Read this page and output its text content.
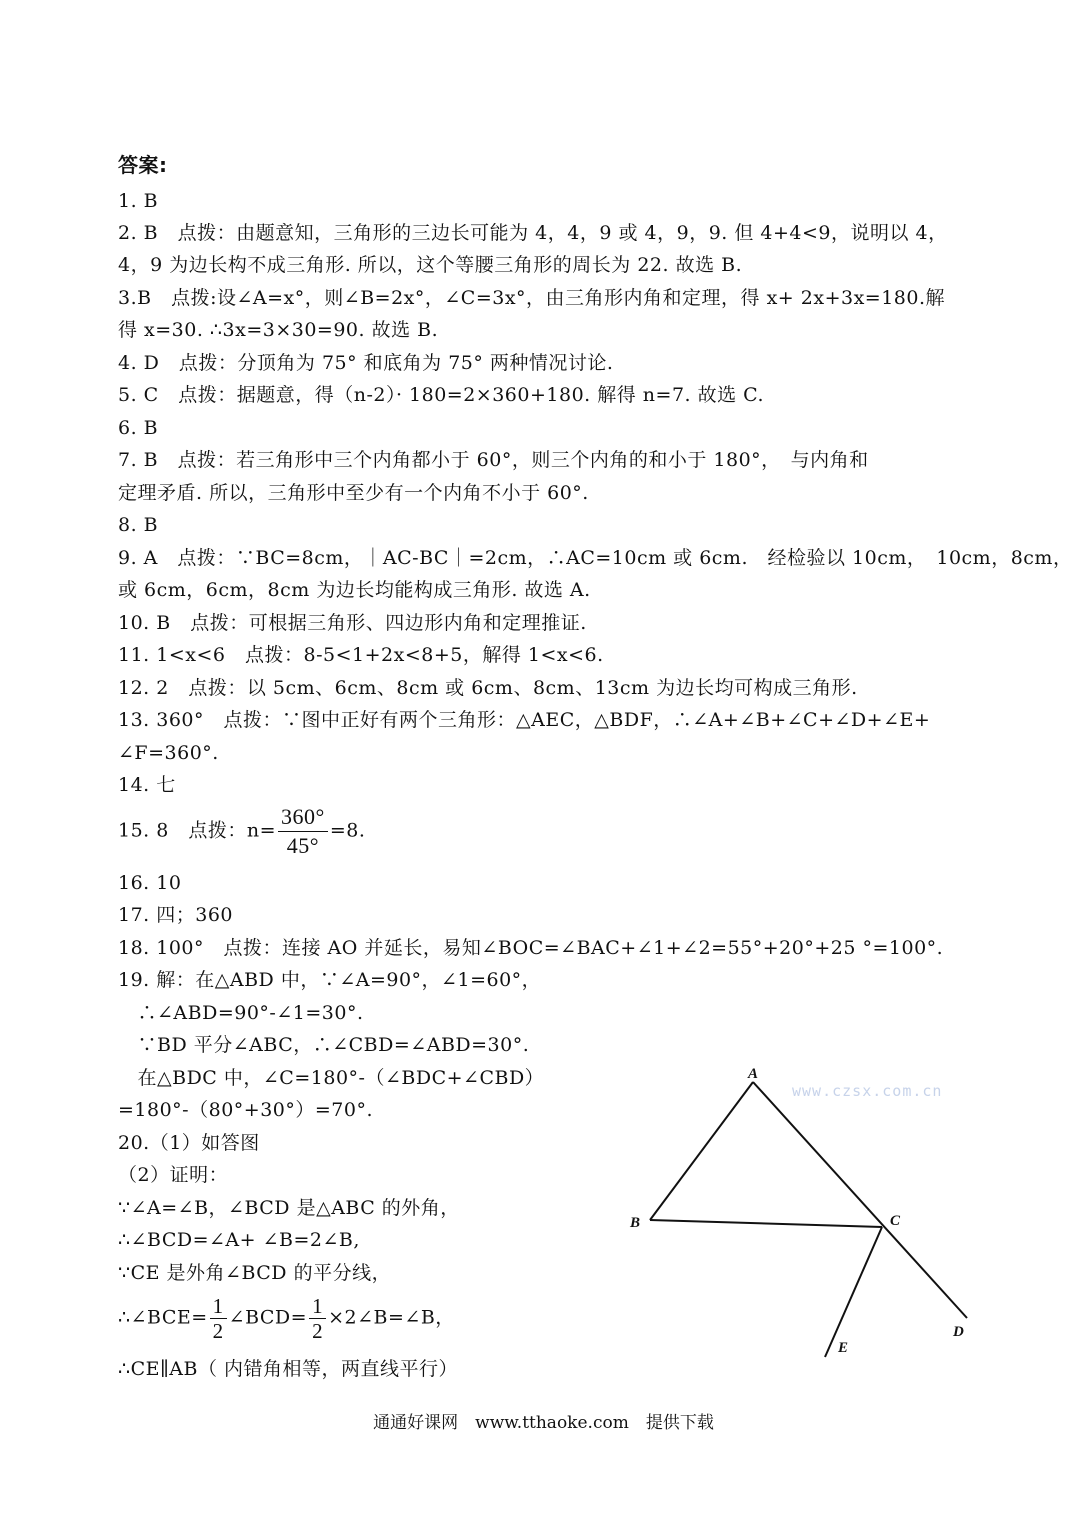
答案:
1. B
2. B　点拨：由题意知，三角形的三边长可能为 4，4，9 或 4，9，9. 但 4+4<9，说明以 4，
4，9 为边长构不成三角形. 所以，这个等腰三角形的周长为 22. 故选 B.
3.B　点拨:设∠A=x°，则∠B=2x°，∠C=3x°，由三角形内角和定理，得 x+ 2x+3x=180.解
得 x=30. ∴3x=3×30=90. 故选 B.
4. D　点拨：分顶角为 75° 和底角为 75° 两种情况讨论.
5. C　点拨：据题意，得（n-2）· 180=2×360+180. 解得 n=7. 故选 C.
6. B
7. B　点拨：若三角形中三个内角都小于 60°，则三个内角的和小于 180°，　与内角和
定理矛盾. 所以，三角形中至少有一个内角不小于 60°.
8. B
9. A　点拨：∵BC=8cm，｜AC-BC｜=2cm，∴AC=10cm 或 6cm.　经检验以 10cm，　10cm，8cm，
或 6cm，6cm，8cm 为边长均能构成三角形. 故选 A.
10. B　点拨：可根据三角形、四边形内角和定理推证.
11. 1<x<6　点拨：8-5<1+2x<8+5，解得 1<x<6.
12. 2　点拨：以 5cm、6cm、8cm 或 6cm、8cm、13cm 为边长均可构成三角形.
13. 360°　点拨：∵图中正好有两个三角形：△AEC，△BDF，∴∠A+∠B+∠C+∠D+∠E+
∠F=360°.
14. 七
15. 8　点拨：$n= \frac{360^\circ}{45^\circ} =8$.
16. 10
17. 四；360
18. 100°　点拨：连接 AO 并延长，易知∠BOC=∠BAC+∠1+∠2=55°+20°+25 °=100°.
19. 解：在△ABD 中，∵∠A=90°，∠1=60°，
　∴∠ABD=90°-∠1=30°.
　∵BD 平分∠ABC，∴∠CBD=∠ABD=30°.
　在△BDC 中，∠C=180°-（∠BDC+∠CBD）
=180°-（80°+30°）=70°.
20.（1）如答图
（2）证明：
∵∠A=∠B，∠BCD 是△ABC 的外角，
∴∠BCD=∠A+ ∠B=2∠B,
∵CE 是外角∠BCD 的平分线，
∴∠BCE= $\frac{1}{2}$ ∠BCD= $\frac{1}{2}$ ×2∠B=∠B，
∴CE∥AB（ 内错角相等，两直线平行）
www.czsx.com.cn
A
B	C
D
E
通通好课网　www.tthaoke.com　提供下载
